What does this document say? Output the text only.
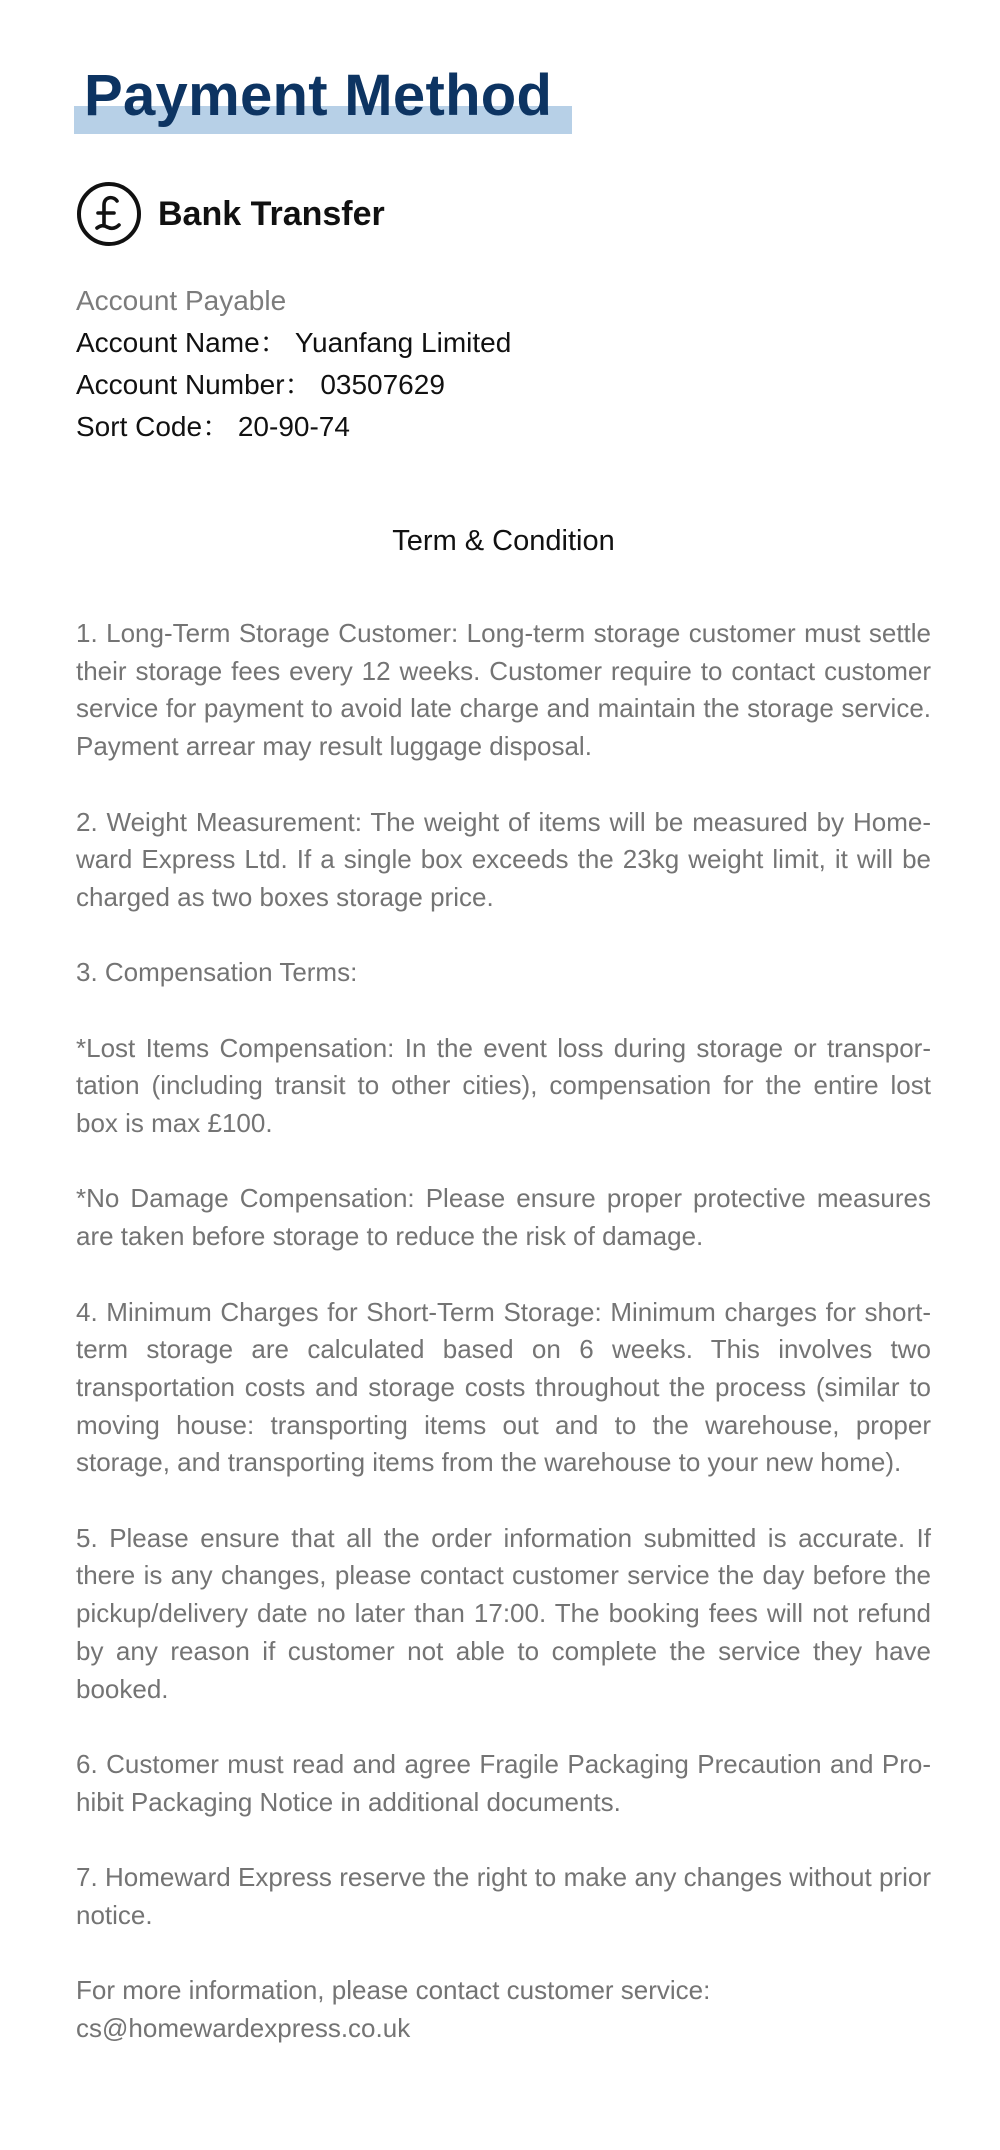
Payment Method
Bank Transfer
Account Payable
Account Name： Yuanfang Limited
Account Number： 03507629
Sort Code： 20-90-74
Term & Condition

1. Long-Term Storage Customer: Long-term storage customer must settle their storage fees every 12 weeks. Customer require to contact customer service for payment to avoid late charge and maintain the storage service. Payment arrear may result luggage disposal.

2. Weight Measurement: The weight of items will be measured by Homeward Express Ltd. If a single box exceeds the 23kg weight limit, it will be charged as two boxes storage price.

3. Compensation Terms:

*Lost Items Compensation: In the event loss during storage or transportation (including transit to other cities), compensation for the entire lost box is max £100.

*No Damage Compensation: Please ensure proper protective measures are taken before storage to reduce the risk of damage.

4. Minimum Charges for Short-Term Storage: Minimum charges for short-term storage are calculated based on 6 weeks. This involves two transportation costs and storage costs throughout the process (similar to moving house: transporting items out and to the warehouse, proper storage, and transporting items from the warehouse to your new home).

5. Please ensure that all the order information submitted is accurate. If there is any changes, please contact customer service the day before the pickup/delivery date no later than 17:00. The booking fees will not refund by any reason if customer not able to complete the service they have booked.

6. Customer must read and agree Fragile Packaging Precaution and Prohibit Packaging Notice in additional documents.

7. Homeward Express reserve the right to make any changes without prior notice.

For more information, please contact customer service:
cs@homewardexpress.co.uk
